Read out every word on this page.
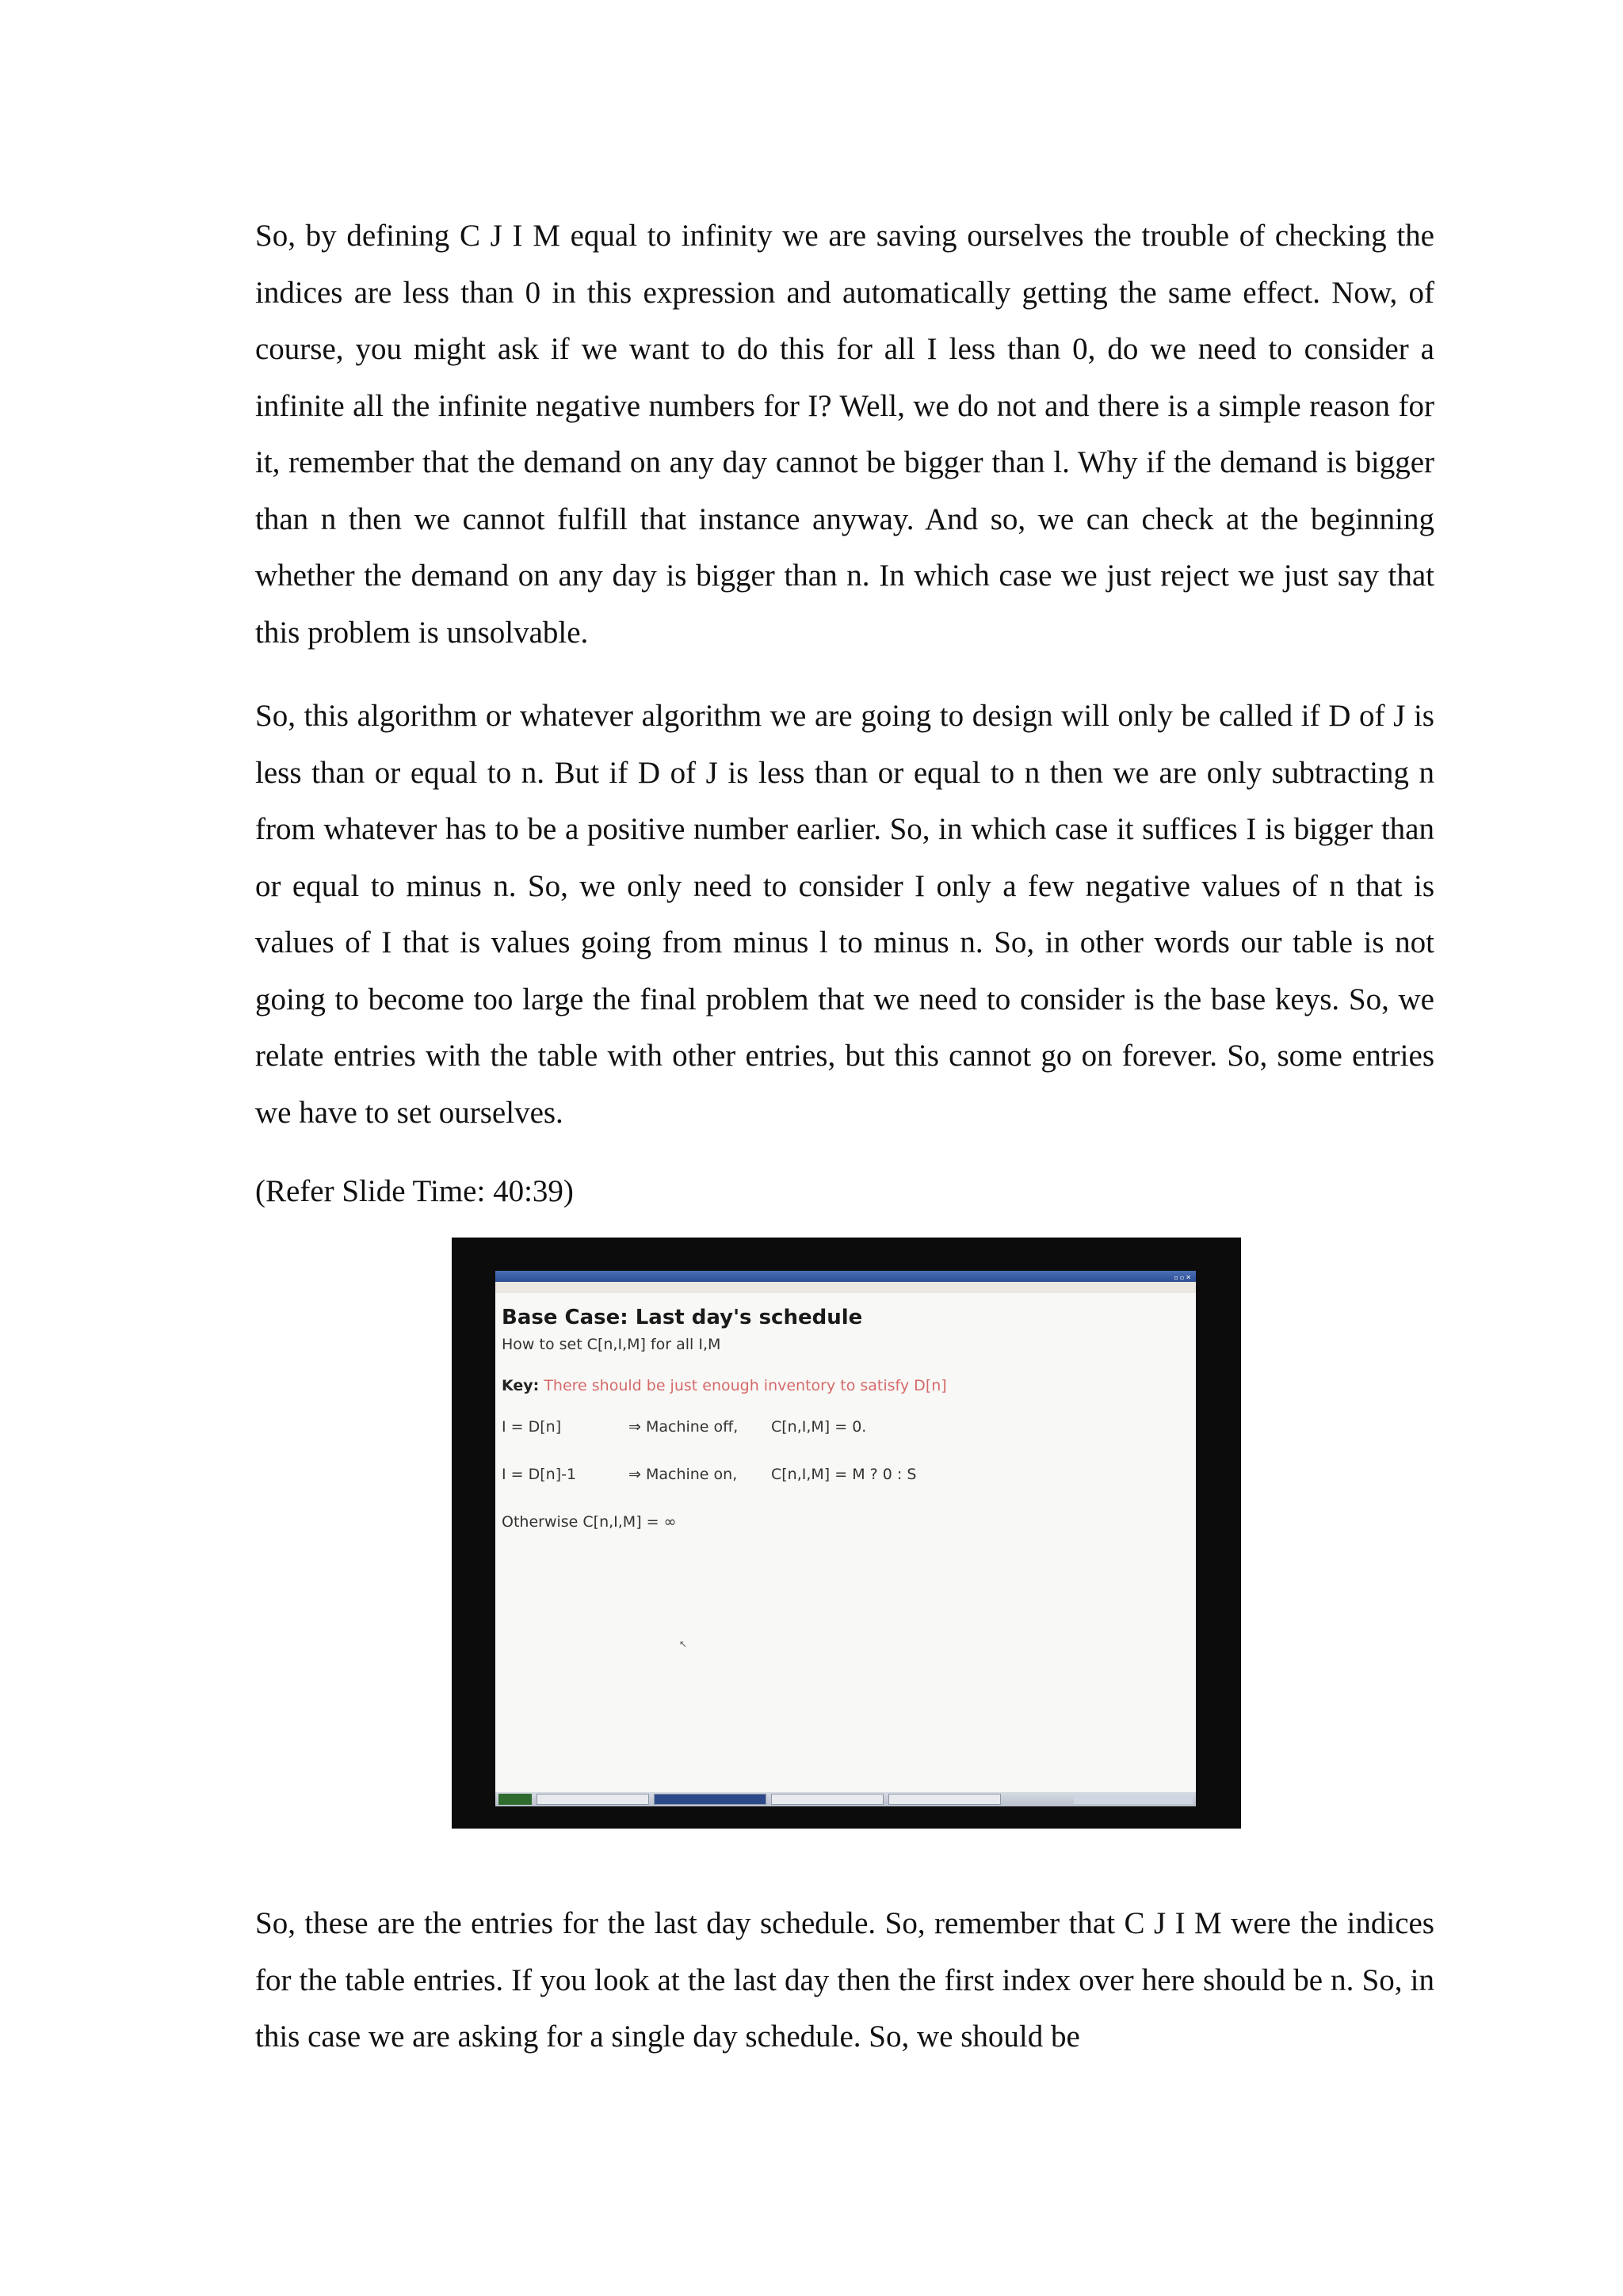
So, by defining C J I M equal to infinity we are saving ourselves the trouble of checking the indices are less than 0 in this expression and automatically getting the same effect. Now, of course, you might ask if we want to do this for all I less than 0, do we need to consider a infinite all the infinite negative numbers for I? Well, we do not and there is a simple reason for it, remember that the demand on any day cannot be bigger than l. Why if the demand is bigger than n then we cannot fulfill that instance anyway. And so, we can check at the beginning whether the demand on any day is bigger than n. In which case we just reject we just say that this problem is unsolvable.

So, this algorithm or whatever algorithm we are going to design will only be called if D of J is less than or equal to n. But if D of J is less than or equal to n then we are only subtracting n from whatever has to be a positive number earlier. So, in which case it suffices I is bigger than or equal to minus n. So, we only need to consider I only a few negative values of n that is values of I that is values going from minus l to minus n. So, in other words our table is not going to become too large the final problem that we need to consider is the base keys. So, we relate entries with the table with other entries, but this cannot go on forever. So, some entries we have to set ourselves.

(Refer Slide Time: 40:39)

▫▫✕
Base Case: Last day's schedule
How to set C[n,I,M] for all I,M
Key: There should be just enough inventory to satisfy D[n]
I = D[n]	⇒ Machine off,	C[n,I,M] = 0.
I = D[n]-1	⇒ Machine on,	C[n,I,M] = M ? 0 : S
Otherwise C[n,I,M] = ∞
↖

So, these are the entries for the last day schedule. So, remember that C J I M were the indices for the table entries. If you look at the last day then the first index over here should be n. So, in this case we are asking for a single day schedule. So, we should be
